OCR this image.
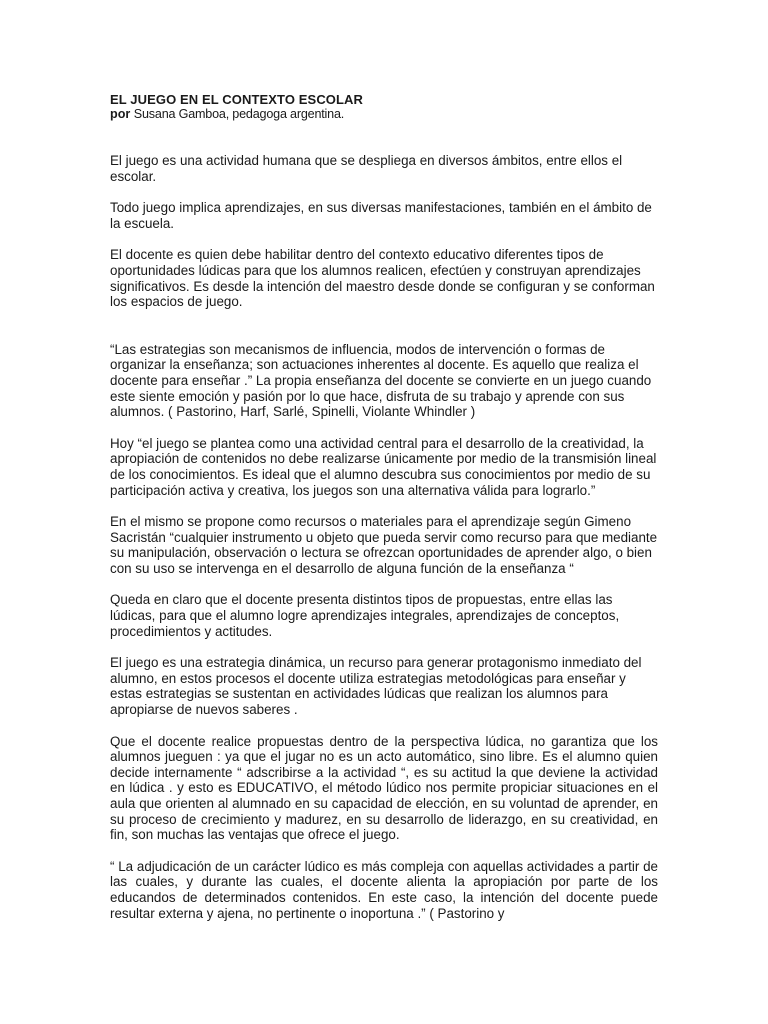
EL JUEGO EN EL CONTEXTO ESCOLAR
por Susana Gamboa, pedagoga argentina.

El juego es una actividad humana que se despliega en diversos ámbitos, entre ellos el escolar.

Todo juego implica aprendizajes, en sus diversas manifestaciones, también en el ámbito de la escuela.

El docente es quien debe habilitar dentro del contexto educativo diferentes tipos de oportunidades lúdicas para que los alumnos realicen, efectúen y construyan aprendizajes significativos. Es desde la intención del maestro desde donde se configuran y se conforman los espacios de juego.

“Las estrategias son mecanismos de influencia, modos de intervención o formas de organizar la enseñanza; son actuaciones inherentes al docente. Es aquello que realiza el docente para enseñar .” La propia enseñanza del docente se convierte en un juego cuando este siente emoción y pasión por lo que hace, disfruta de su trabajo y aprende con sus alumnos. ( Pastorino, Harf, Sarlé, Spinelli, Violante Whindler )

Hoy “el juego se plantea como una actividad central para el desarrollo de la creatividad, la apropiación de contenidos no debe realizarse únicamente por medio de la transmisión lineal de los conocimientos. Es ideal que el alumno descubra sus conocimientos por medio de su participación activa y creativa, los juegos son una alternativa válida para lograrlo.”

En el mismo se propone como recursos o materiales para el aprendizaje según Gimeno Sacristán “cualquier instrumento u objeto que pueda servir como recurso para que mediante su manipulación, observación o lectura se ofrezcan oportunidades de aprender algo, o bien con su uso se intervenga en el desarrollo de alguna función de la enseñanza “

Queda en claro que el docente presenta distintos tipos de propuestas, entre ellas las lúdicas, para que el alumno logre aprendizajes integrales, aprendizajes de conceptos, procedimientos y actitudes.

El juego es una estrategia dinámica, un recurso para generar protagonismo inmediato del alumno, en estos procesos el docente utiliza estrategias metodológicas para enseñar y estas estrategias se sustentan en actividades lúdicas que realizan los alumnos para apropiarse de nuevos saberes .

Que el docente realice propuestas dentro de la perspectiva lúdica, no garantiza que los alumnos jueguen : ya que el jugar no es un acto automático, sino libre. Es el alumno quien decide internamente “ adscribirse a la actividad “, es su actitud la que deviene la actividad en lúdica . y esto es EDUCATIVO, el método lúdico nos permite propiciar situaciones en el aula que orienten al alumnado en su capacidad de elección, en su voluntad de aprender, en su proceso de crecimiento y madurez, en su desarrollo de liderazgo, en su creatividad, en fin, son muchas las ventajas que ofrece el juego.

“ La adjudicación de un carácter lúdico es más compleja con aquellas actividades a partir de las cuales, y durante las cuales, el docente alienta la apropiación por parte de los educandos de determinados contenidos. En este caso, la intención del docente puede resultar externa y ajena, no pertinente o inoportuna .” ( Pastorino y
